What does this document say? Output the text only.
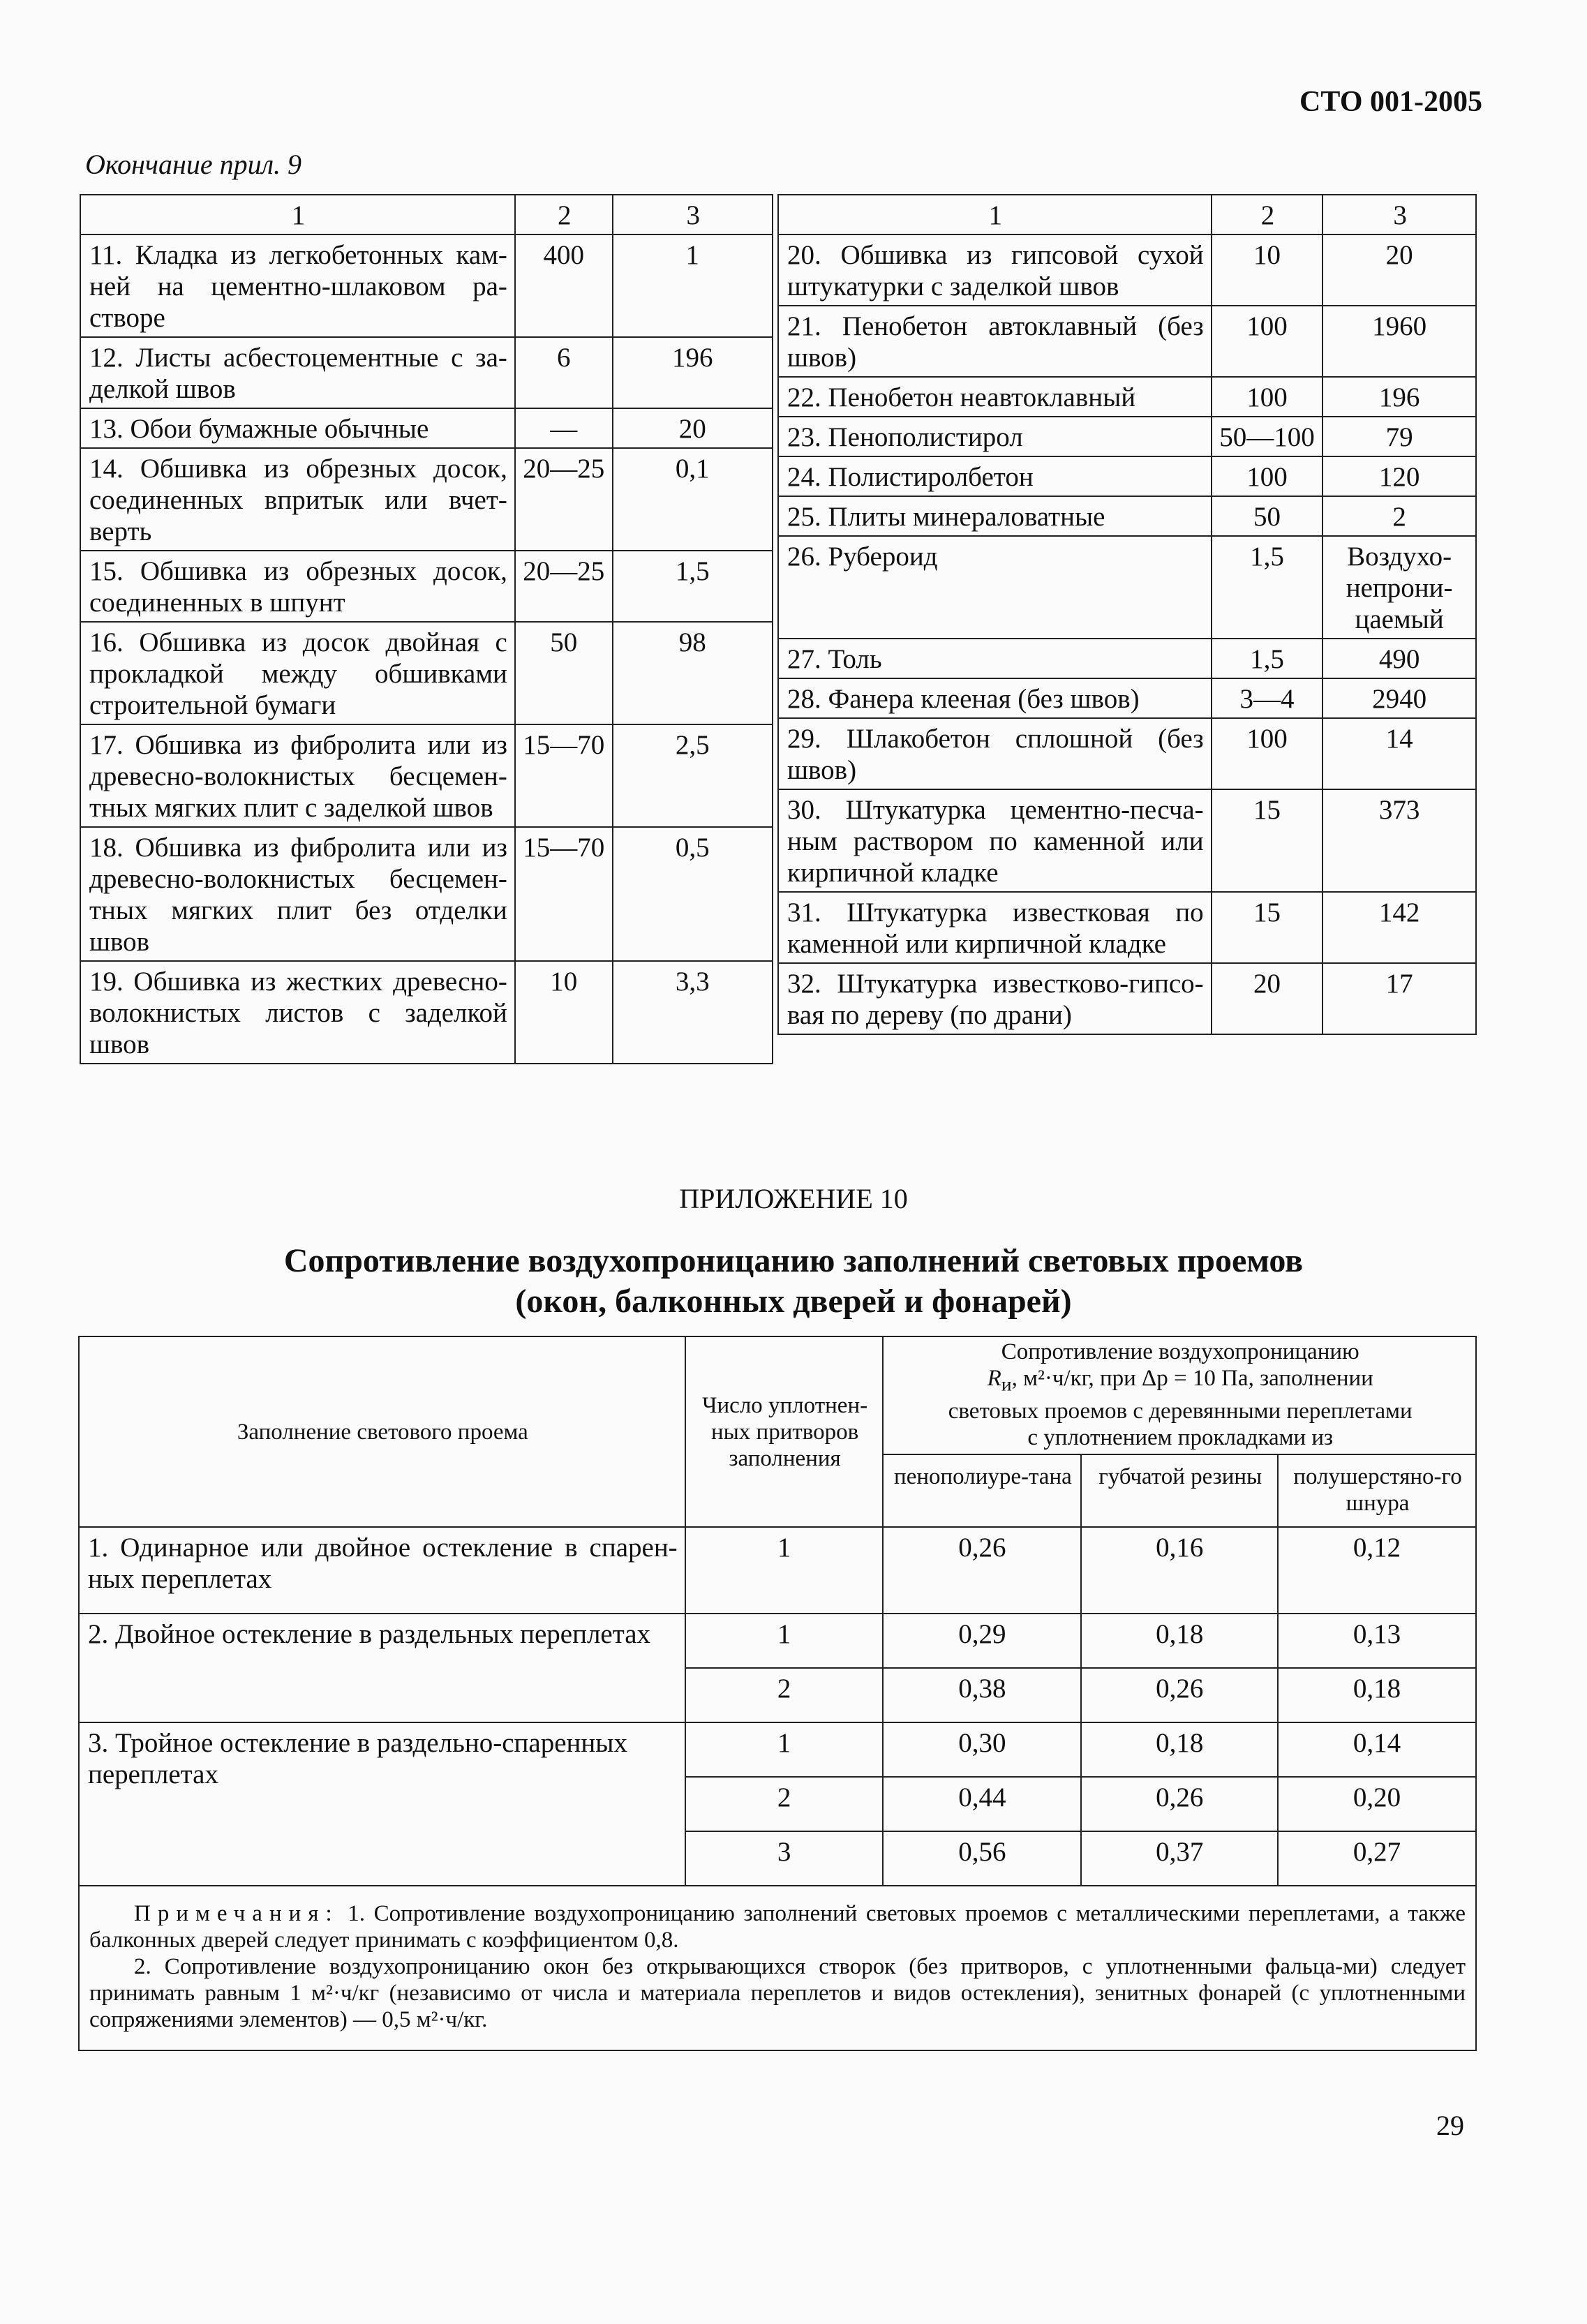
СТО 001-2005
Окончание прил. 9
1	2	3
11. Кладка из легкобетонных кам-ней на цементно-шлаковом ра-створе	400	1
12. Листы асбестоцементные с за-делкой швов	6	196
13. Обои бумажные обычные	—	20
14. Обшивка из обрезных досок, соединенных впритык или вчет-верть	20—25	0,1
15. Обшивка из обрезных досок, соединенных в шпунт	20—25	1,5
16. Обшивка из досок двойная с прокладкой между обшивками строительной бумаги	50	98
17. Обшивка из фибролита или из древесно-волокнистых бесцемен-тных мягких плит с заделкой швов	15—70	2,5
18. Обшивка из фибролита или из древесно-волокнистых бесцемен-тных мягких плит без отделки швов	15—70	0,5
19. Обшивка из жестких древесно-волокнистых листов с заделкой швов	10	3,3
1	2	3
20. Обшивка из гипсовой сухой штукатурки с заделкой швов	10	20
21. Пенобетон автоклавный (без швов)	100	1960
22. Пенобетон неавтоклавный	100	196
23. Пенополистирол	50—100	79
24. Полистиролбетон	100	120
25. Плиты минераловатные	50	2
26. Рубероид	1,5	Воздухо-непрони-цаемый
27. Толь	1,5	490
28. Фанера клееная (без швов)	3—4	2940
29. Шлакобетон сплошной (без швов)	100	14
30. Штукатурка цементно-песча-ным раствором по каменной или кирпичной кладке	15	373
31. Штукатурка известковая по каменной или кирпичной кладке	15	142
32. Штукатурка известково-гипсо-вая по дереву (по драни)	20	17
ПРИЛОЖЕНИЕ 10
Сопротивление воздухопроницанию заполнений световых проемов
(окон, балконных дверей и фонарей)
Заполнение светового проема	Число уплотнен-ных притворов заполнения	Сопротивление воздухопроницанию
$R_и$, м²·ч/кг, при Δp = 10 Па, заполнении
световых проемов с деревянными переплетами
с уплотнением прокладками из		

		пенополиуре-тана	губчатой резины	полушерстяно-го шнура
1. Одинарное или двойное остекление в спарен-ных переплетах	1	0,26	0,16	0,12
2. Двойное остекление в раздельных переплетах	1	0,29	0,18	0,13
	2	0,38	0,26	0,18
3. Тройное остекление в раздельно-спаренных переплетах	1	0,30	0,18	0,14
	2	0,44	0,26	0,20
	3	0,56	0,37	0,27

Примечания: 1. Сопротивление воздухопроницанию заполнений световых проемов с металлическими переплетами, а также балконных дверей следует принимать с коэффициентом 0,8.
2. Сопротивление воздухопроницанию окон без открывающихся створок (без притворов, с уплотненными фальца-ми) следует принимать равным 1 м²·ч/кг (независимо от числа и материала переплетов и видов остекления), зенитных фонарей (с уплотненными сопряжениями элементов) — 0,5 м²·ч/кг.				
29
